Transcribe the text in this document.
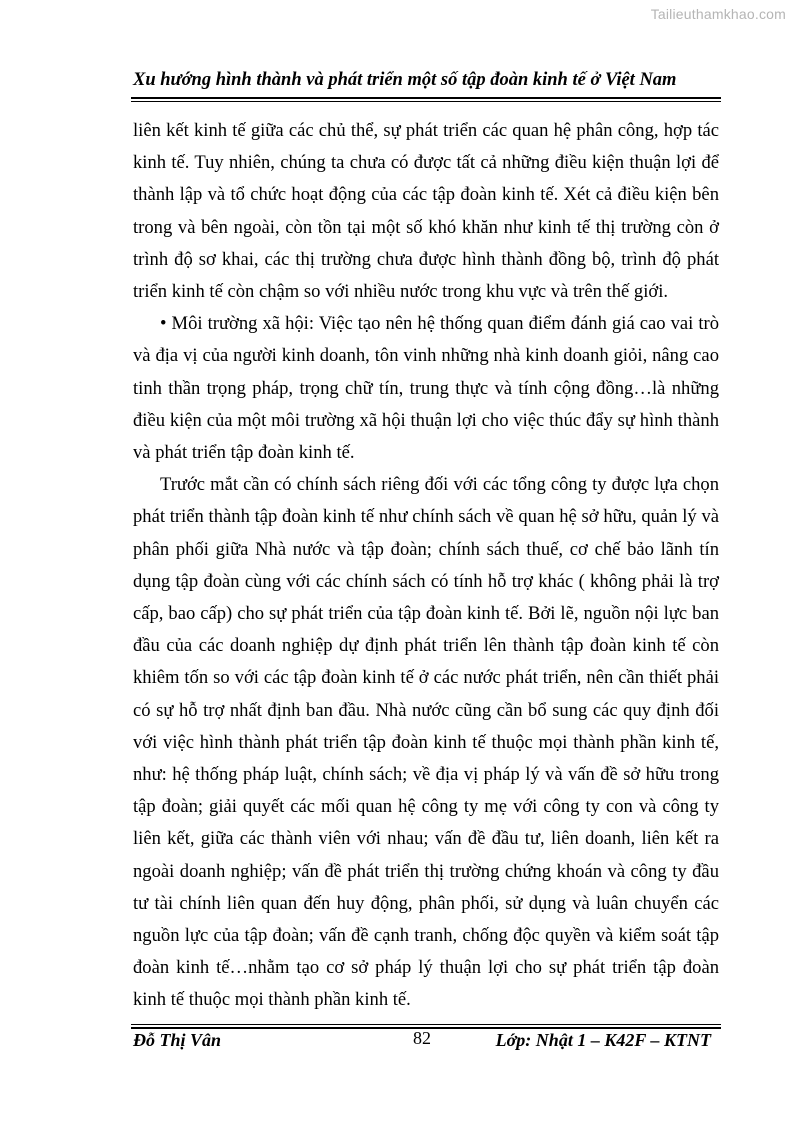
Tailieuthamkhao.com
Xu hướng hình thành và phát triển một số tập đoàn kinh tế ở Việt Nam

liên kết kinh tế giữa các chủ thể, sự phát triển các quan hệ phân công, hợp tác kinh tế. Tuy nhiên, chúng ta chưa có được tất cả những điều kiện thuận lợi để thành lập và tổ chức hoạt động của các tập đoàn kinh tế. Xét cả điều kiện bên trong và bên ngoài, còn tồn tại một số khó khăn như kinh tế thị trường còn ở trình độ sơ khai, các thị trường chưa được hình thành đồng bộ, trình độ phát triển kinh tế còn chậm so với nhiều nước trong khu vực và trên thế giới.

• Môi trường xã hội: Việc tạo nên hệ thống quan điểm đánh giá cao vai trò và địa vị của người kinh doanh, tôn vinh những nhà kinh doanh giỏi, nâng cao tinh thần trọng pháp, trọng chữ tín, trung thực và tính cộng đồng…là những điều kiện của một môi trường xã hội thuận lợi cho việc thúc đẩy sự hình thành và phát triển tập đoàn kinh tế.

Trước mắt cần có chính sách riêng đối với các tổng công ty được lựa chọn phát triển thành tập đoàn kinh tế như chính sách về quan hệ sở hữu, quản lý và phân phối giữa Nhà nước và tập đoàn; chính sách thuế, cơ chế bảo lãnh tín dụng tập đoàn cùng với các chính sách có tính hỗ trợ khác ( không phải là trợ cấp, bao cấp) cho sự phát triển của tập đoàn kinh tế. Bởi lẽ, nguồn nội lực ban đầu của các doanh nghiệp dự định phát triển lên thành tập đoàn kinh tế còn khiêm tốn so với các tập đoàn kinh tế ở các nước phát triển, nên cần thiết phải có sự hỗ trợ nhất định ban đầu. Nhà nước cũng cần bổ sung các quy định đối với việc hình thành phát triển tập đoàn kinh tế thuộc mọi thành phần kinh tế, như: hệ thống pháp luật, chính sách; về địa vị pháp lý và vấn đề sở hữu trong tập đoàn; giải quyết các mối quan hệ công ty mẹ với công ty con và công ty liên kết, giữa các thành viên với nhau; vấn đề đầu tư, liên doanh, liên kết ra ngoài doanh nghiệp; vấn đề phát triển thị trường chứng khoán và công ty đầu tư tài chính liên quan đến huy động, phân phối, sử dụng và luân chuyển các nguồn lực của tập đoàn; vấn đề cạnh tranh, chống độc quyền và kiểm soát tập đoàn kinh tế…nhằm tạo cơ sở pháp lý thuận lợi cho sự phát triển tập đoàn kinh tế thuộc mọi thành phần kinh tế.

Đỗ Thị Vân	82	Lớp: Nhật 1 – K42F – KTNT
